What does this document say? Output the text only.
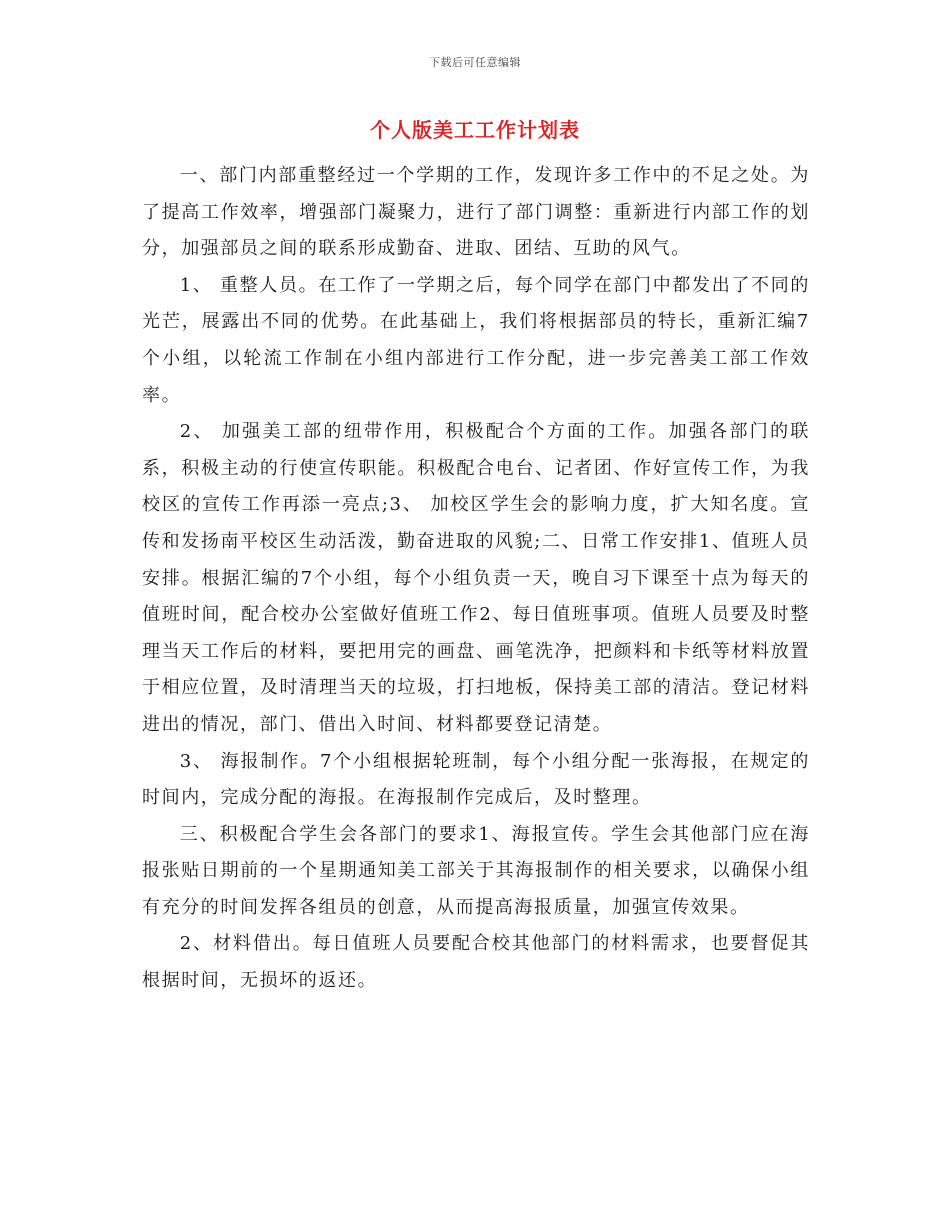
下载后可任意编辑
个人版美工工作计划表

一、部门内部重整经过一个学期的工作，发现许多工作中的不足之处。为了提高工作效率，增强部门凝聚力，进行了部门调整：重新进行内部工作的划分，加强部员之间的联系形成勤奋、进取、团结、互助的风气。

1、 重整人员。在工作了一学期之后，每个同学在部门中都发出了不同的光芒，展露出不同的优势。在此基础上，我们将根据部员的特长，重新汇编7个小组，以轮流工作制在小组内部进行工作分配，进一步完善美工部工作效率。

2、 加强美工部的纽带作用，积极配合个方面的工作。加强各部门的联系，积极主动的行使宣传职能。积极配合电台、记者团、作好宣传工作，为我校区的宣传工作再添一亮点;3、 加校区学生会的影响力度，扩大知名度。宣传和发扬南平校区生动活泼，勤奋进取的风貌;二、日常工作安排1、值班人员安排。根据汇编的7个小组，每个小组负责一天，晚自习下课至十点为每天的值班时间，配合校办公室做好值班工作2、每日值班事项。值班人员要及时整理当天工作后的材料，要把用完的画盘、画笔洗净，把颜料和卡纸等材料放置于相应位置，及时清理当天的垃圾，打扫地板，保持美工部的清洁。登记材料进出的情况，部门、借出入时间、材料都要登记清楚。

3、 海报制作。7个小组根据轮班制，每个小组分配一张海报，在规定的时间内，完成分配的海报。在海报制作完成后，及时整理。

三、积极配合学生会各部门的要求1、海报宣传。学生会其他部门应在海报张贴日期前的一个星期通知美工部关于其海报制作的相关要求，以确保小组有充分的时间发挥各组员的创意，从而提高海报质量，加强宣传效果。

2、材料借出。每日值班人员要配合校其他部门的材料需求，也要督促其根据时间，无损坏的返还。
